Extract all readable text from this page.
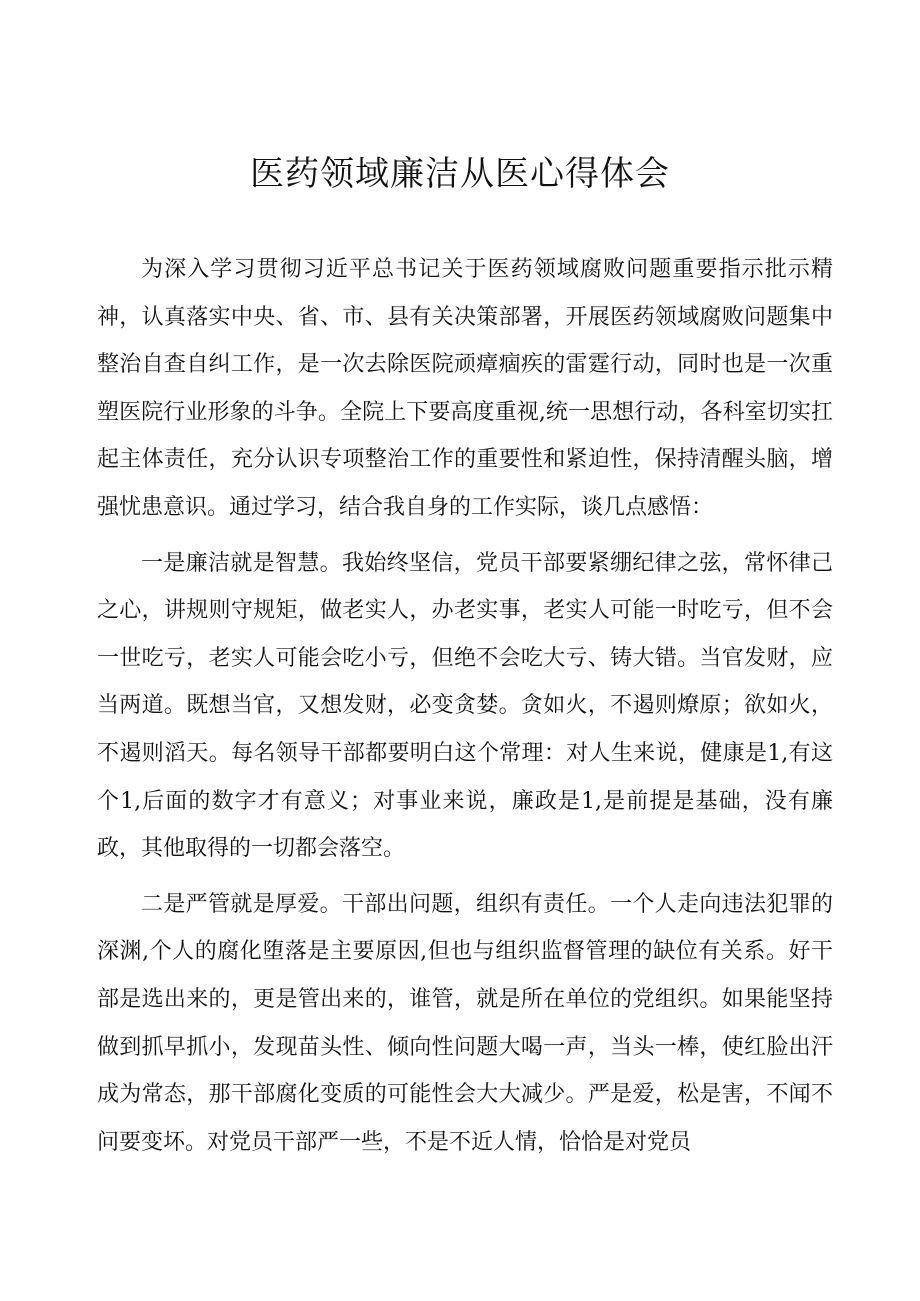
医药领域廉洁从医心得体会

为深入学习贯彻习近平总书记关于医药领域腐败问题重要指示批示精神，认真落实中央、省、市、县有关决策部署，开展医药领域腐败问题集中整治自查自纠工作，是一次去除医院顽瘴痼疾的雷霆行动，同时也是一次重塑医院行业形象的斗争。全院上下要高度重视,统一思想行动，各科室切实扛起主体责任，充分认识专项整治工作的重要性和紧迫性，保持清醒头脑，增强忧患意识。通过学习，结合我自身的工作实际，谈几点感悟：

一是廉洁就是智慧。我始终坚信，党员干部要紧绷纪律之弦，常怀律己之心，讲规则守规矩，做老实人，办老实事，老实人可能一时吃亏，但不会一世吃亏，老实人可能会吃小亏，但绝不会吃大亏、铸大错。当官发财，应当两道。既想当官，又想发财，必变贪婪。贪如火，不遏则燎原；欲如火，不遏则滔天。每名领导干部都要明白这个常理：对人生来说，健康是1,有这个1,后面的数字才有意义；对事业来说，廉政是1,是前提是基础，没有廉政，其他取得的一切都会落空。

二是严管就是厚爱。干部出问题，组织有责任。一个人走向违法犯罪的深渊,个人的腐化堕落是主要原因,但也与组织监督管理的缺位有关系。好干部是选出来的，更是管出来的，谁管，就是所在单位的党组织。如果能坚持做到抓早抓小，发现苗头性、倾向性问题大喝一声，当头一棒，使红脸出汗成为常态，那干部腐化变质的可能性会大大减少。严是爱，松是害，不闻不问要变坏。对党员干部严一些，不是不近人情，恰恰是对党员
